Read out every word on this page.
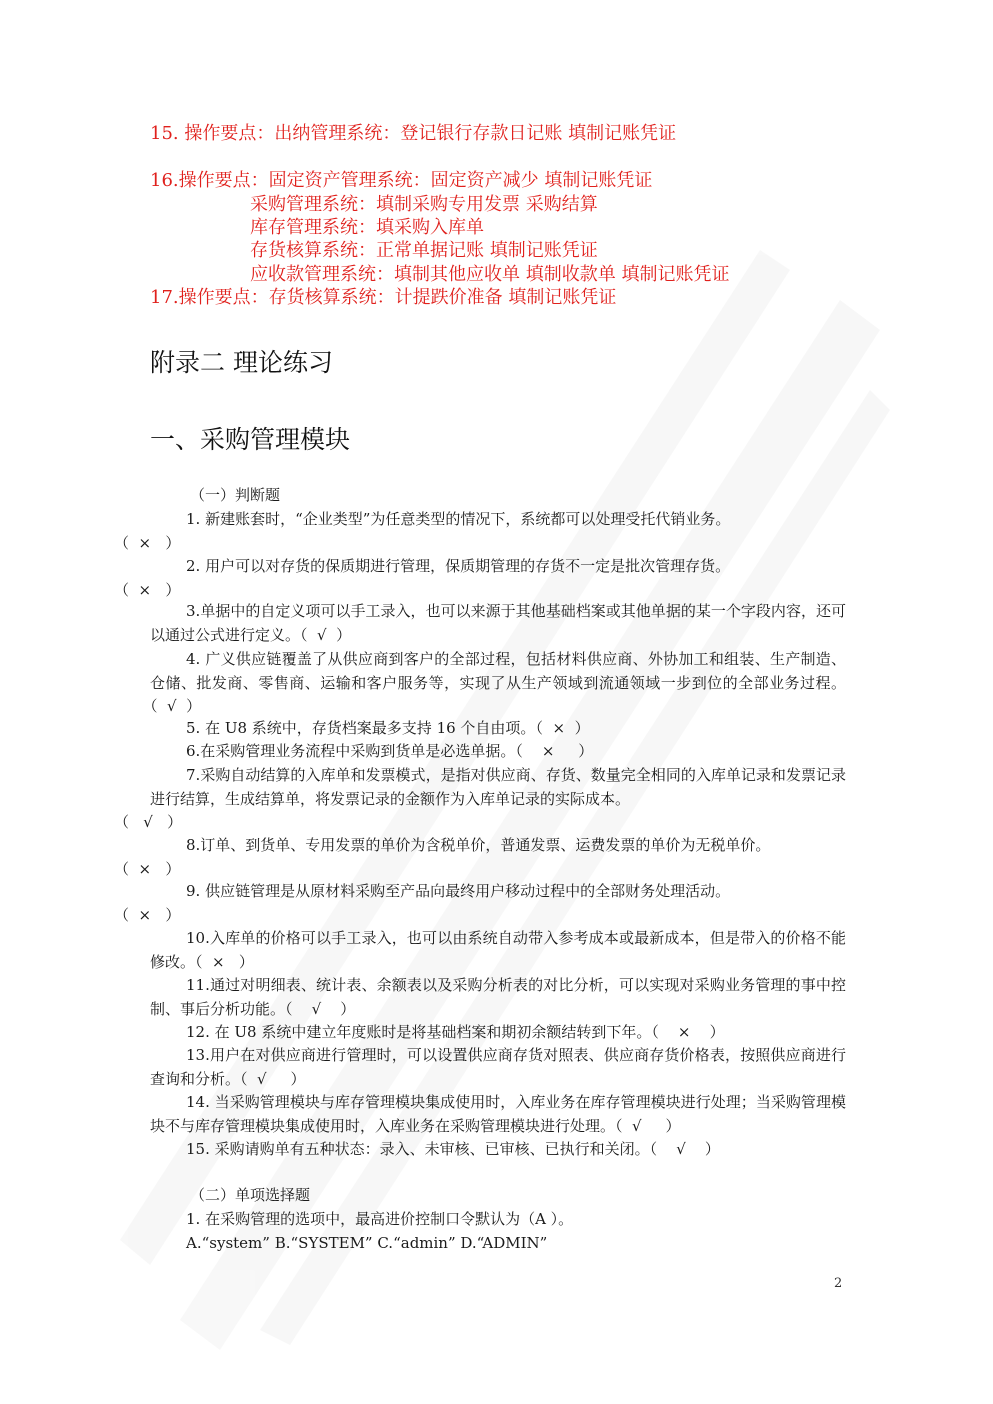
15. 操作要点：出纳管理系统：登记银行存款日记账 填制记账凭证
16.操作要点：固定资产管理系统：固定资产减少 填制记账凭证
采购管理系统：填制采购专用发票 采购结算
库存管理系统：填采购入库单
存货核算系统：正常单据记账 填制记账凭证
应收款管理系统：填制其他应收单 填制收款单 填制记账凭证
17.操作要点：存货核算系统：计提跌价准备 填制记账凭证
附录二 理论练习
一、采购管理模块
（一）判断题
1. 新建账套时，“企业类型”为任意类型的情况下，系统都可以处理受托代销业务。
（  ×   ）
2. 用户可以对存货的保质期进行管理，保质期管理的存货不一定是批次管理存货。
（  ×   ）
3.单据中的自定义项可以手工录入，也可以来源于其他基础档案或其他单据的某一个字段内容，还可以通过公式进行定义。（  √  ）
4. 广义供应链覆盖了从供应商到客户的全部过程，包括材料供应商、外协加工和组装、生产制造、仓储、批发商、零售商、运输和客户服务等，实现了从生产领域到流通领域一步到位的全部业务过程。（  √  ）
5. 在 U8 系统中，存货档案最多支持 16 个自由项。（  ×  ）
6.在采购管理业务流程中采购到货单是必选单据。（    ×     ）
7.采购自动结算的入库单和发票模式，是指对供应商、存货、数量完全相同的入库单记录和发票记录进行结算，生成结算单，将发票记录的金额作为入库单记录的实际成本。
（   √   ）
8.订单、到货单、专用发票的单价为含税单价，普通发票、运费发票的单价为无税单价。
（  ×   ）
9. 供应链管理是从原材料采购至产品向最终用户移动过程中的全部财务处理活动。
（  ×   ）
10.入库单的价格可以手工录入，也可以由系统自动带入参考成本或最新成本，但是带入的价格不能修改。（  ×   ）
11.通过对明细表、统计表、余额表以及采购分析表的对比分析，可以实现对采购业务管理的事中控制、事后分析功能。（    √    ）
12. 在 U8 系统中建立年度账时是将基础档案和期初余额结转到下年。（    ×    ）
13.用户在对供应商进行管理时，可以设置供应商存货对照表、供应商存货价格表，按照供应商进行查询和分析。（  √     ）
14. 当采购管理模块与库存管理模块集成使用时，入库业务在库存管理模块进行处理；当采购管理模块不与库存管理模块集成使用时，入库业务在采购管理模块进行处理。（  √     ）
15. 采购请购单有五种状态：录入、未审核、已审核、已执行和关闭。（    √    ）
（二）单项选择题
1. 在采购管理的选项中，最高进价控制口令默认为（A ）。
A.“system” B.“SYSTEM” C.“admin” D.“ADMIN”
2
